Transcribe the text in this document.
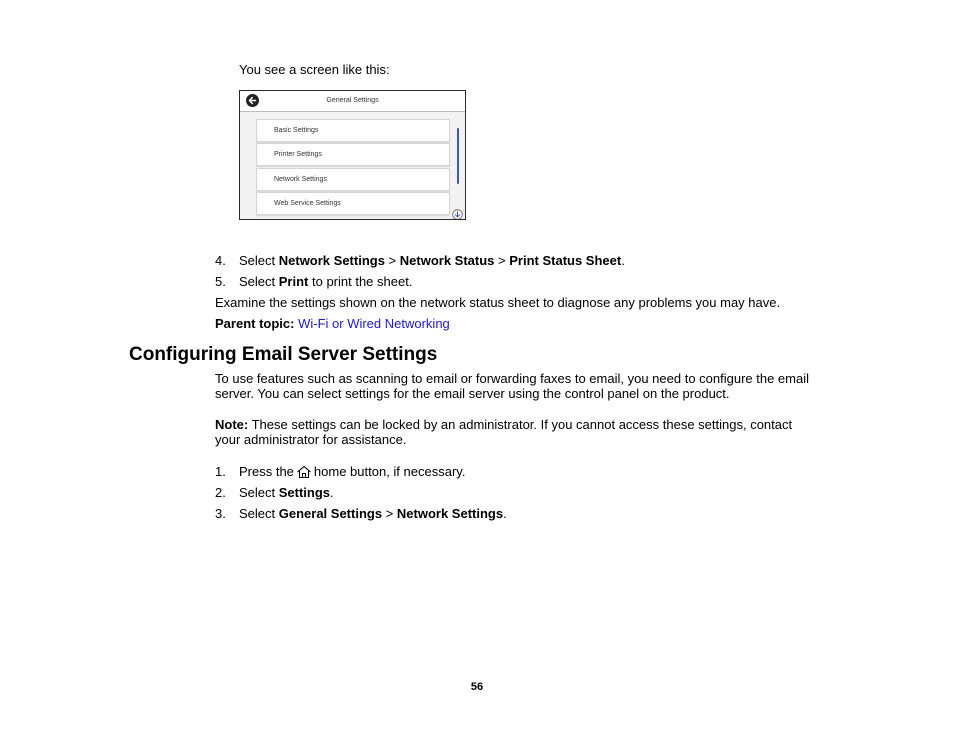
You see a screen like this:
General Settings
Basic Settings
Printer Settings
Network Settings
Web Service Settings
4. Select Network Settings > Network Status > Print Status Sheet.
5. Select Print to print the sheet.
Examine the settings shown on the network status sheet to diagnose any problems you may have.
Parent topic: Wi-Fi or Wired Networking
Configuring Email Server Settings
To use features such as scanning to email or forwarding faxes to email, you need to configure the email
server. You can select settings for the email server using the control panel on the product.
Note: These settings can be locked by an administrator. If you cannot access these settings, contact
your administrator for assistance.
1. Press the home button, if necessary.
2. Select Settings.
3. Select General Settings > Network Settings.
56
